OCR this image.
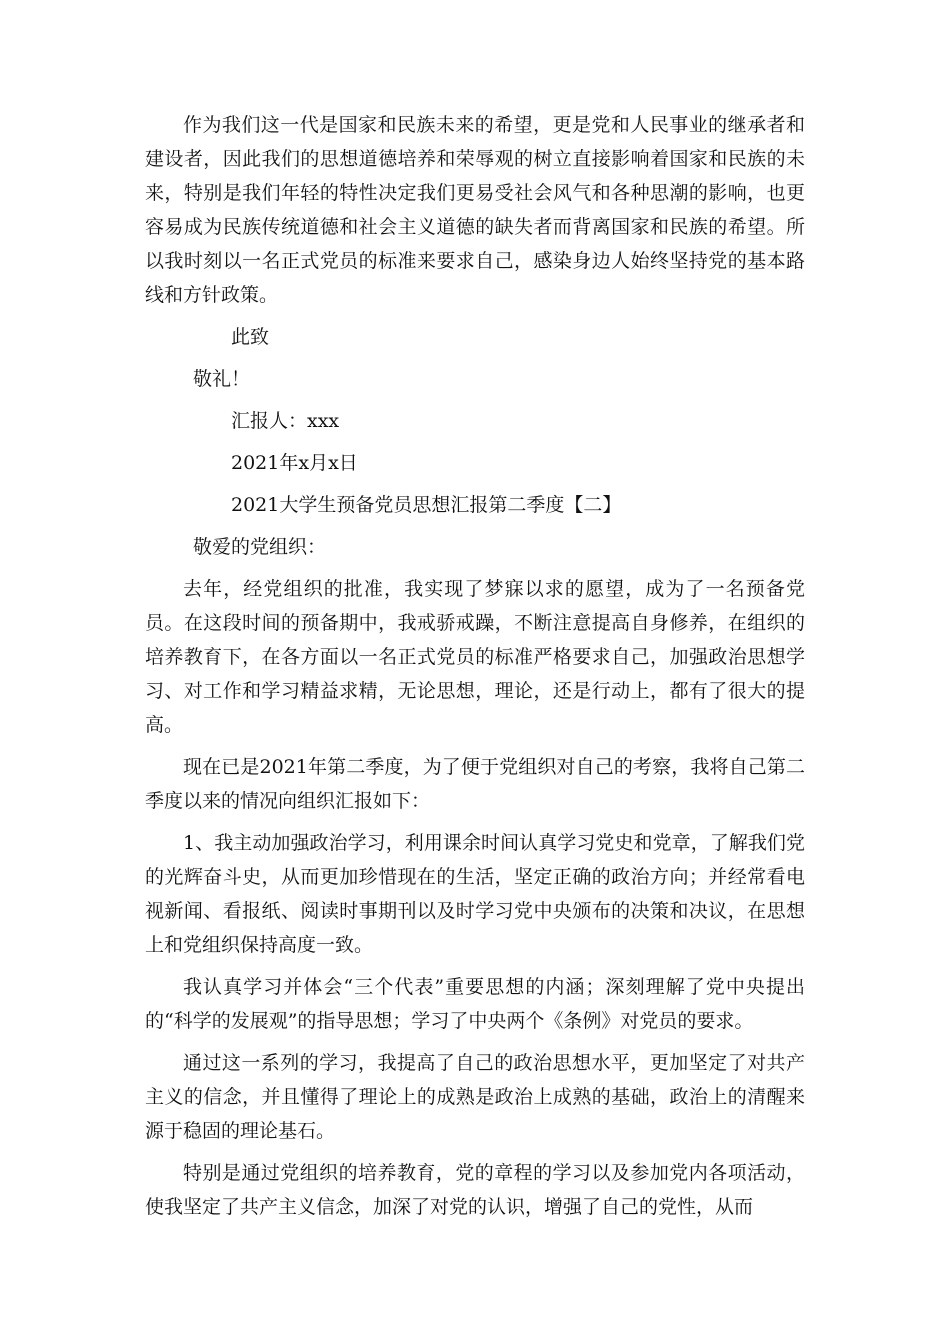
作为我们这一代是国家和民族未来的希望，更是党和人民事业的继承者和建设者，因此我们的思想道德培养和荣辱观的树立直接影响着国家和民族的未来，特别是我们年轻的特性决定我们更易受社会风气和各种思潮的影响，也更容易成为民族传统道德和社会主义道德的缺失者而背离国家和民族的希望。所以我时刻以一名正式党员的标准来要求自己，感染身边人始终坚持党的基本路线和方针政策。

此致

敬礼！

汇报人：xxx

2021年x月x日

2021大学生预备党员思想汇报第二季度【二】

敬爱的党组织：

去年，经党组织的批准，我实现了梦寐以求的愿望，成为了一名预备党员。在这段时间的预备期中，我戒骄戒躁，不断注意提高自身修养，在组织的培养教育下，在各方面以一名正式党员的标准严格要求自己，加强政治思想学习、对工作和学习精益求精，无论思想，理论，还是行动上，都有了很大的提高。

现在已是2021年第二季度，为了便于党组织对自己的考察，我将自己第二季度以来的情况向组织汇报如下：

1、我主动加强政治学习，利用课余时间认真学习党史和党章，了解我们党的光辉奋斗史，从而更加珍惜现在的生活，坚定正确的政治方向；并经常看电视新闻、看报纸、阅读时事期刊以及时学习党中央颁布的决策和决议，在思想上和党组织保持高度一致。

我认真学习并体会“三个代表”重要思想的内涵；深刻理解了党中央提出的“科学的发展观”的指导思想；学习了中央两个《条例》对党员的要求。

通过这一系列的学习，我提高了自己的政治思想水平，更加坚定了对共产主义的信念，并且懂得了理论上的成熟是政治上成熟的基础，政治上的清醒来源于稳固的理论基石。

特别是通过党组织的培养教育，党的章程的学习以及参加党内各项活动，使我坚定了共产主义信念，加深了对党的认识，增强了自己的党性，从而
